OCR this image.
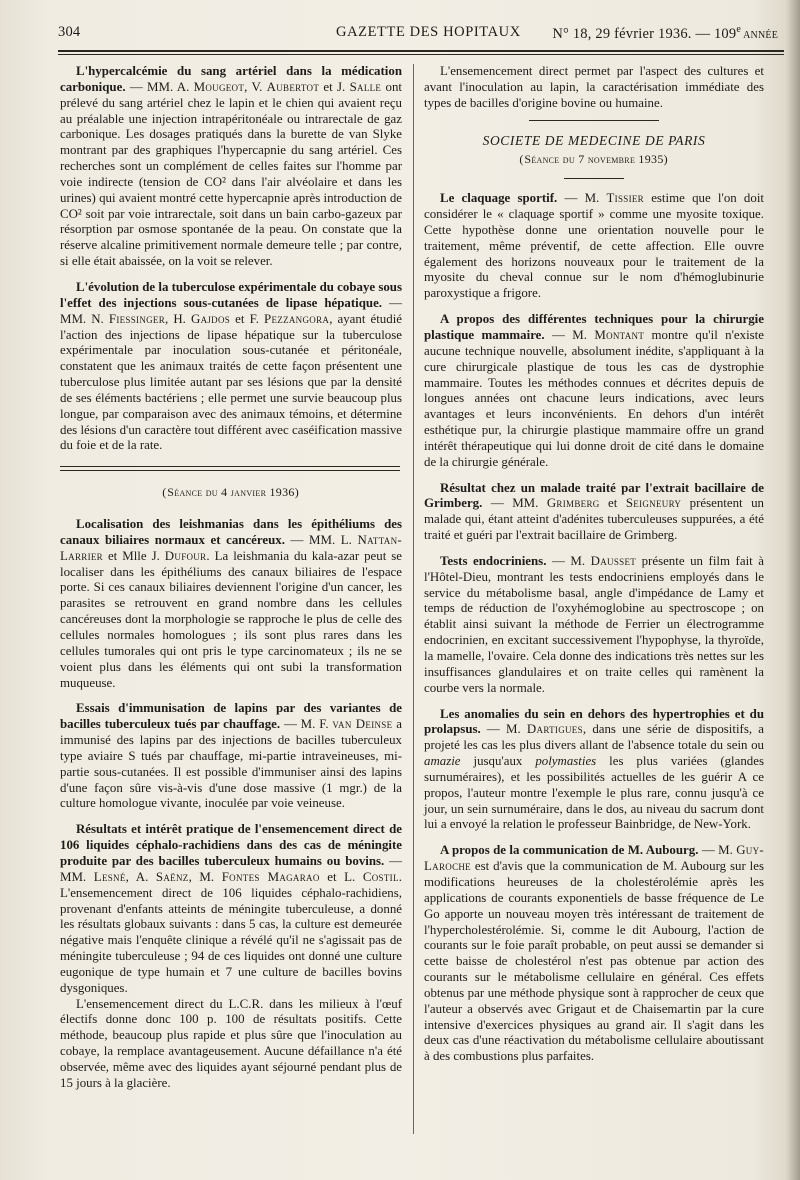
304	GAZETTE DES HOPITAUX N° 18, 29 février 1936. — 109e ANNÉE

L'hypercalcémie du sang artériel dans la médication carbonique. — MM. A. Mougeot, V. Aubertot et J. Salle ont prélevé du sang artériel chez le lapin et le chien qui avaient reçu au préalable une injection intrapéritonéale ou intrarectale de gaz carbonique. Les dosages pratiqués dans la burette de van Slyke montrant par des graphiques l'hypercapnie du sang artériel. Ces recherches sont un complément de celles faites sur l'homme par voie indirecte (tension de CO² dans l'air alvéolaire et dans les urines) qui avaient montré cette hypercapnie après introduction de CO² soit par voie intrarectale, soit dans un bain carbo-gazeux par résorption par osmose spontanée de la peau. On constate que la réserve alcaline primitivement normale demeure telle ; par contre, si elle était abaissée, on la voit se relever.

L'évolution de la tuberculose expérimentale du cobaye sous l'effet des injections sous-cutanées de lipase hépatique. — MM. N. Fiessinger, H. Gajdos et F. Pezzangora, ayant étudié l'action des injections de lipase hépatique sur la tuberculose expérimentale par inoculation sous-cutanée et péritonéale, constatent que les animaux traités de cette façon présentent une tuberculose plus limitée autant par ses lésions que par la densité de ses éléments bactériens ; elle permet une survie beaucoup plus longue, par comparaison avec des animaux témoins, et détermine des lésions d'un caractère tout différent avec caséification massive du foie et de la rate.

(Séance du 4 janvier 1936)

Localisation des leishmanias dans les épithéliums des canaux biliaires normaux et cancéreux. — MM. L. Nattan-Larrier et Mlle J. Dufour. La leishmania du kala-azar peut se localiser dans les épithéliums des canaux biliaires de l'espace porte. Si ces canaux biliaires deviennent l'origine d'un cancer, les parasites se retrouvent en grand nombre dans les cellules cancéreuses dont la morphologie se rapproche le plus de celle des cellules normales homologues ; ils sont plus rares dans les cellules tumorales qui ont pris le type carcinomateux ; ils ne se voient plus dans les éléments qui ont subi la transformation muqueuse.

Essais d'immunisation de lapins par des variantes de bacilles tuberculeux tués par chauffage. — M. F. van Deinse a immunisé des lapins par des injections de bacilles tuberculeux type aviaire S tués par chauffage, mi-partie intraveineuses, mi-partie sous-cutanées. Il est possible d'immuniser ainsi des lapins d'une façon sûre vis-à-vis d'une dose massive (1 mgr.) de la culture homologue vivante, inoculée par voie veineuse.

Résultats et intérêt pratique de l'ensemencement direct de 106 liquides céphalo-rachidiens dans des cas de méningite produite par des bacilles tuberculeux humains ou bovins. — MM. Lesné, A. Saënz, M. Fontes Magarao et L. Costil. L'ensemencement direct de 106 liquides céphalo-rachidiens, provenant d'enfants atteints de méningite tuberculeuse, a donné les résultats globaux suivants : dans 5 cas, la culture est demeurée négative mais l'enquête clinique a révélé qu'il ne s'agissait pas de méningite tuberculeuse ; 94 de ces liquides ont donné une culture eugonique de type humain et 7 une culture de bacilles bovins dysgoniques.

L'ensemencement direct du L.C.R. dans les milieux à l'œuf électifs donne donc 100 p. 100 de résultats positifs. Cette méthode, beaucoup plus rapide et plus sûre que l'inoculation au cobaye, la remplace avantageusement. Aucune défaillance n'a été observée, même avec des liquides ayant séjourné pendant plus de 15 jours à la glacière.

L'ensemencement direct permet par l'aspect des cultures et avant l'inoculation au lapin, la caractérisation immédiate des types de bacilles d'origine bovine ou humaine.

SOCIETE DE MEDECINE DE PARIS

(Séance du 7 novembre 1935)

Le claquage sportif. — M. Tissier estime que l'on doit considérer le « claquage sportif » comme une myosite toxique. Cette hypothèse donne une orientation nouvelle pour le traitement, même préventif, de cette affection. Elle ouvre également des horizons nouveaux pour le traitement de la myosite du cheval connue sur le nom d'hémoglubinurie paroxystique a frigore.

A propos des différentes techniques pour la chirurgie plastique mammaire. — M. Montant montre qu'il n'existe aucune technique nouvelle, absolument inédite, s'appliquant à la cure chirurgicale plastique de tous les cas de dystrophie mammaire. Toutes les méthodes connues et décrites depuis de longues années ont chacune leurs indications, avec leurs avantages et leurs inconvénients. En dehors d'un intérêt esthétique pur, la chirurgie plastique mammaire offre un grand intérêt thérapeutique qui lui donne droit de cité dans le domaine de la chirurgie générale.

Résultat chez un malade traité par l'extrait bacillaire de Grimberg. — MM. Grimberg et Seigneury présentent un malade qui, étant atteint d'adénites tuberculeuses suppurées, a été traité et guéri par l'extrait bacillaire de Grimberg.

Tests endocriniens. — M. Dausset présente un film fait à l'Hôtel-Dieu, montrant les tests endocriniens employés dans le service du métabolisme basal, angle d'impédance de Lamy et temps de réduction de l'oxyhémoglobine au spectroscope ; on établit ainsi suivant la méthode de Ferrier un électrogramme endocrinien, en excitant successivement l'hypophyse, la thyroïde, la mamelle, l'ovaire. Cela donne des indications très nettes sur les insuffisances glandulaires et on traite celles qui ramènent la courbe vers la normale.

Les anomalies du sein en dehors des hypertrophies et du prolapsus. — M. Dartigues, dans une série de dispositifs, a projeté les cas les plus divers allant de l'absence totale du sein ou amazie jusqu'aux polymasties les plus variées (glandes surnuméraires), et les possibilités actuelles de les guérir A ce propos, l'auteur montre l'exemple le plus rare, connu jusqu'à ce jour, un sein surnuméraire, dans le dos, au niveau du sacrum dont lui a envoyé la relation le professeur Bainbridge, de New-York.

A propos de la communication de M. Aubourg. — M. Guy-Laroche est d'avis que la communication de M. Aubourg sur les modifications heureuses de la cholestérolémie après les applications de courants exponentiels de basse fréquence de Le Go apporte un nouveau moyen très intéressant de traitement de l'hypercholestérolémie. Si, comme le dit Aubourg, l'action de courants sur le foie paraît probable, on peut aussi se demander si cette baisse de cholestérol n'est pas obtenue par action des courants sur le métabolisme cellulaire en général. Ces effets obtenus par une méthode physique sont à rapprocher de ceux que l'auteur a observés avec Grigaut et de Chaisemartin par la cure intensive d'exercices physiques au grand air. Il s'agit dans les deux cas d'une réactivation du métabolisme cellulaire aboutissant à des combustions plus parfaites.
